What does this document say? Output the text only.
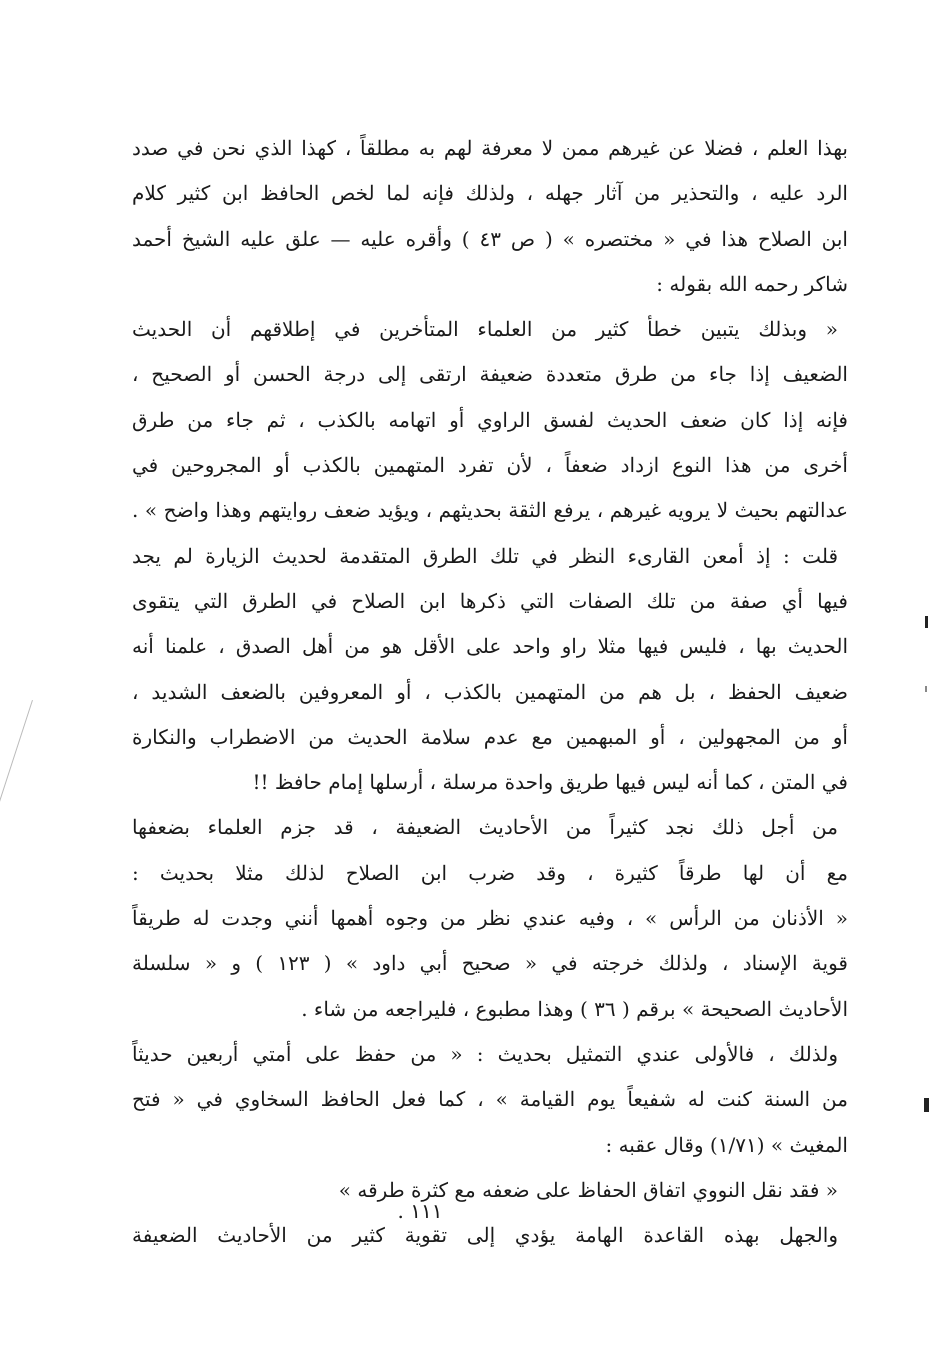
بهذا العلم ، فضلا عن غيرهم ممن لا معرفة لهم به مطلقاً ، كهذا الذي نحن في صدد
الرد عليه ، والتحذير من آثار جهله ، ولذلك فإنه لما لخص الحافظ ابن كثير كلام
ابن الصلاح هذا في « مختصره » ( ص ٤٣ ) وأقره عليه — علق عليه الشيخ أحمد
شاكر رحمه الله بقوله :
« وبذلك يتبين خطأ كثير من العلماء المتأخرين في إطلاقهم أن الحديث
الضعيف إذا جاء من طرق متعددة ضعيفة ارتقى إلى درجة الحسن أو الصحيح ،
فإنه إذا كان ضعف الحديث لفسق الراوي أو اتهامه بالكذب ، ثم جاء من طرق
أخرى من هذا النوع ازداد ضعفاً ، لأن تفرد المتهمين بالكذب أو المجروحين في
عدالتهم بحيث لا يرويه غيرهم ، يرفع الثقة بحديثهم ، ويؤيد ضعف روايتهم وهذا واضح » .
قلت : إذ أمعن القارىء النظر في تلك الطرق المتقدمة لحديث الزيارة لم يجد
فيها أي صفة من تلك الصفات التي ذكرها ابن الصلاح في الطرق التي يتقوى
الحديث بها ، فليس فيها مثلا راو واحد على الأقل هو من أهل الصدق ، علمنا أنه
ضعيف الحفظ ، بل هم من المتهمين بالكذب ، أو المعروفين بالضعف الشديد ،
أو من المجهولين ، أو المبهمين مع عدم سلامة الحديث من الاضطراب والنكارة
في المتن ، كما أنه ليس فيها طريق واحدة مرسلة ، أرسلها إمام حافظ !!
من أجل ذلك نجد كثيراً من الأحاديث الضعيفة ، قد جزم العلماء بضعفها
مع أن لها طرقاً كثيرة ، وقد ضرب ابن الصلاح لذلك مثلا بحديث :
« الأذنان من الرأس » ، وفيه عندي نظر من وجوه أهمها أنني وجدت له طريقاً
قوية الإسناد ، ولذلك خرجته في « صحيح أبي داود » ( ١٢٣ ) و « سلسلة
الأحاديث الصحيحة » برقم ( ٣٦ ) وهذا مطبوع ، فليراجعه من شاء .
ولذلك ، فالأولى عندي التمثيل بحديث : « من حفظ على أمتي أربعين حديثاً
من السنة كنت له شفيعاً يوم القيامة » ، كما فعل الحافظ السخاوي في « فتح
المغيث » (١/٧١) وقال عقبه :
« فقد نقل النووي اتفاق الحفاظ على ضعفه مع كثرة طرقه »
والجهل بهذه القاعدة الهامة يؤدي إلى تقوية كثير من الأحاديث الضعيفة
١١١ .
